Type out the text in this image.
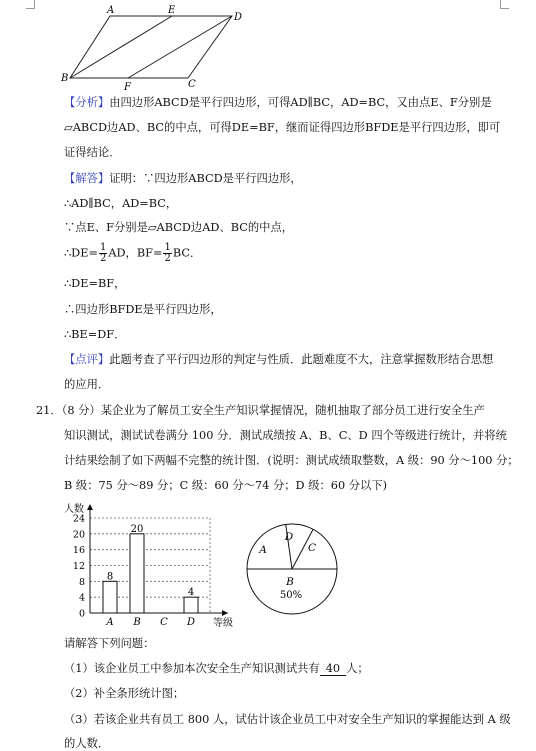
A	E
D
B
F	C
【分析】由四边形ABCD是平行四边形，可得AD∥BC，AD=BC，又由点E、F分别是
▱ABCD边AD、BC的中点，可得DE=BF，继而证得四边形BFDE是平行四边形，即可
证得结论．
【解答】证明：∵四边形ABCD是平行四边形，
∴AD∥BC，AD=BC，
∵点E、F分别是▱ABCD边AD、BC的中点，
∴DE= $\frac{1}{2}$ AD，$BF= \frac{1}{2}$ BC．
∴DE=BF，
∴四边形BFDE是平行四边形，
∴BE=DF．
【点评】此题考查了平行四边形的判定与性质．此题难度不大，注意掌握数形结合思想
的应用．
21．（8 分）某企业为了解员工安全生产知识掌握情况，随机抽取了部分员工进行安全生产
知识测试，测试试卷满分 100 分．测试成绩按 A、B、C、D 四个等级进行统计，并将统
计结果绘制了如下两幅不完整的统计图．(说明：测试成绩取整数，A 级：90 分～100 分；
B 级：75 分～89 分；C 级：60 分～74 分；D 级：60 分以下)
0
4
8
12
16
20
24
人数
等级
A
8
B
20
C D
4
A
B
C
D
50%
请解答下列问题：
（1）该企业员工中参加本次安全生产知识测试共有 40 人；
（2）补全条形统计图；
（3）若该企业共有员工 800 人，试估计该企业员工中对安全生产知识的掌握能达到 A 级
的人数．
